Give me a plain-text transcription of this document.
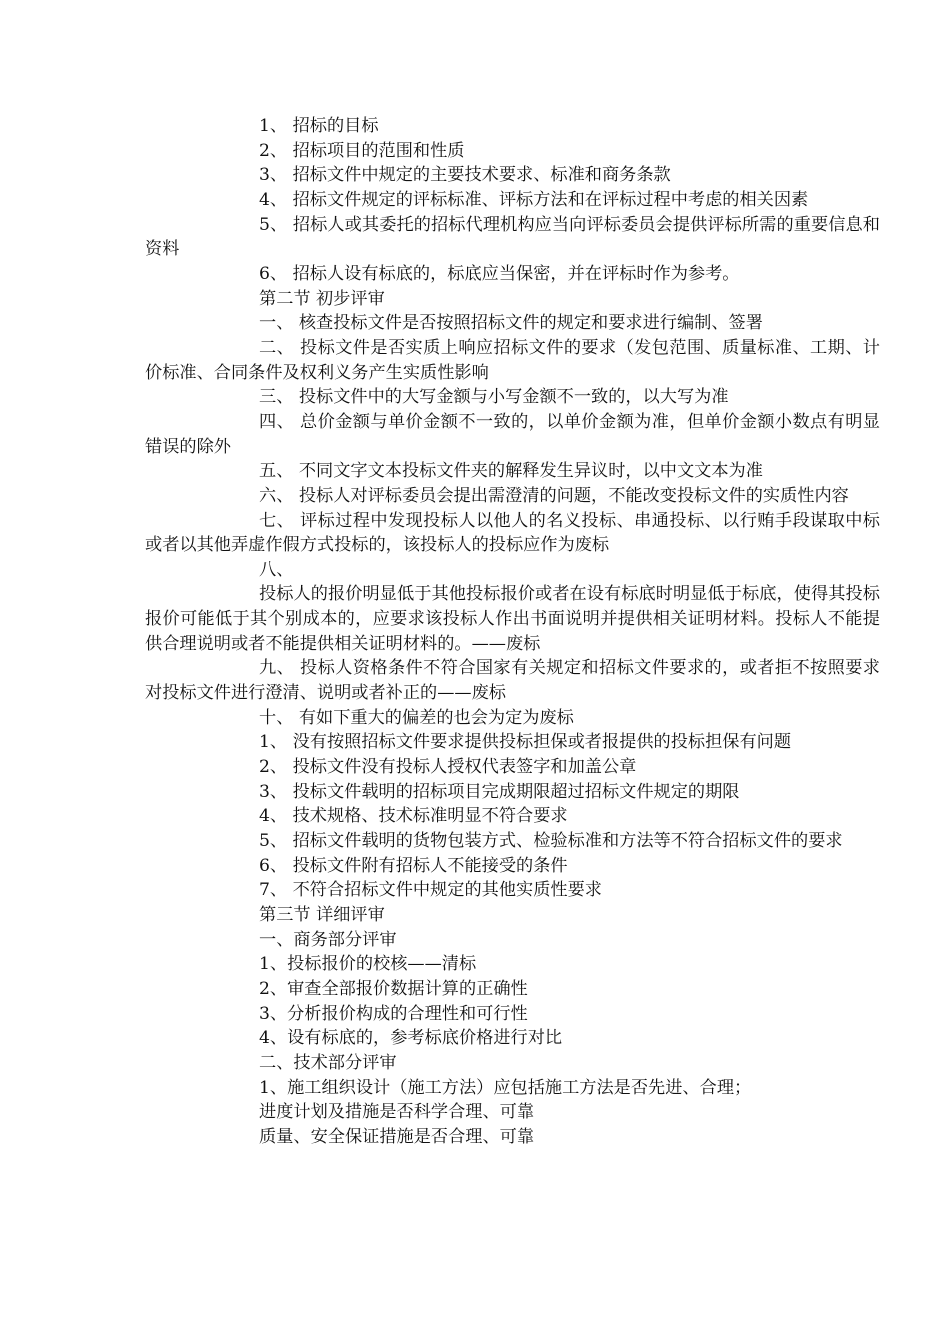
1、 招标的目标

2、 招标项目的范围和性质

3、 招标文件中规定的主要技术要求、标准和商务条款

4、 招标文件规定的评标标准、评标方法和在评标过程中考虑的相关因素

5、 招标人或其委托的招标代理机构应当向评标委员会提供评标所需的重要信息和资料

6、 招标人设有标底的，标底应当保密，并在评标时作为参考。

第二节 初步评审

一、 核查投标文件是否按照招标文件的规定和要求进行编制、签署

二、 投标文件是否实质上响应招标文件的要求（发包范围、质量标准、工期、计价标准、合同条件及权利义务产生实质性影响

三、 投标文件中的大写金额与小写金额不一致的，以大写为准

四、 总价金额与单价金额不一致的，以单价金额为准，但单价金额小数点有明显错误的除外

五、 不同文字文本投标文件夹的解释发生异议时，以中文文本为准

六、 投标人对评标委员会提出需澄清的问题，不能改变投标文件的实质性内容

七、 评标过程中发现投标人以他人的名义投标、串通投标、以行贿手段谋取中标或者以其他弄虚作假方式投标的，该投标人的投标应作为废标

八、

投标人的报价明显低于其他投标报价或者在设有标底时明显低于标底，使得其投标报价可能低于其个别成本的，应要求该投标人作出书面说明并提供相关证明材料。投标人不能提供合理说明或者不能提供相关证明材料的。——废标

九、 投标人资格条件不符合国家有关规定和招标文件要求的，或者拒不按照要求对投标文件进行澄清、说明或者补正的——废标

十、 有如下重大的偏差的也会为定为废标

1、 没有按照招标文件要求提供投标担保或者报提供的投标担保有问题

2、 投标文件没有投标人授权代表签字和加盖公章

3、 投标文件载明的招标项目完成期限超过招标文件规定的期限

4、 技术规格、技术标准明显不符合要求

5、 招标文件载明的货物包装方式、检验标准和方法等不符合招标文件的要求

6、 投标文件附有招标人不能接受的条件

7、 不符合招标文件中规定的其他实质性要求

第三节 详细评审

一、商务部分评审

1、投标报价的校核——清标

2、审查全部报价数据计算的正确性

3、分析报价构成的合理性和可行性

4、设有标底的，参考标底价格进行对比

二、技术部分评审

1、施工组织设计（施工方法）应包括施工方法是否先进、合理；

进度计划及措施是否科学合理、可靠

质量、安全保证措施是否合理、可靠
